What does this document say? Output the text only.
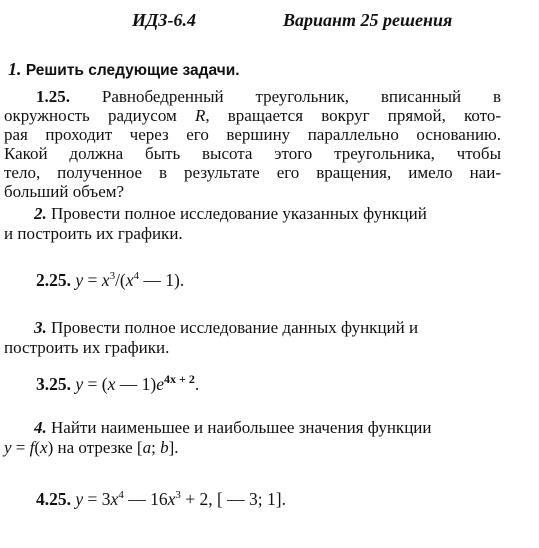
ИДЗ-6.4	Вариант 25 решения
1. Решить следующие задачи.
1.25. Равнобедренный треугольник, вписанный в
окружность радиусом R, вращается вокруг прямой, кото-
рая проходит через его вершину параллельно основанию.
Какой должна быть высота этого треугольника, чтобы
тело, полученное в результате его вращения, имело наи-
больший объем?
2. Провести полное исследование указанных функций
и построить их графики.
2.25. $y = x^3/(x^4$ — 1).
3. Провести полное исследование данных функций и
построить их графики.
3.25. y = (x — $1)e^{4x + 2}$.
4. Найти наименьшее и наибольшее значения функции
y = f(x) на отрезке [a; b].
4.25. $y = 3x^4$ — $16x^3 + 2$, [ — 3; 1].
